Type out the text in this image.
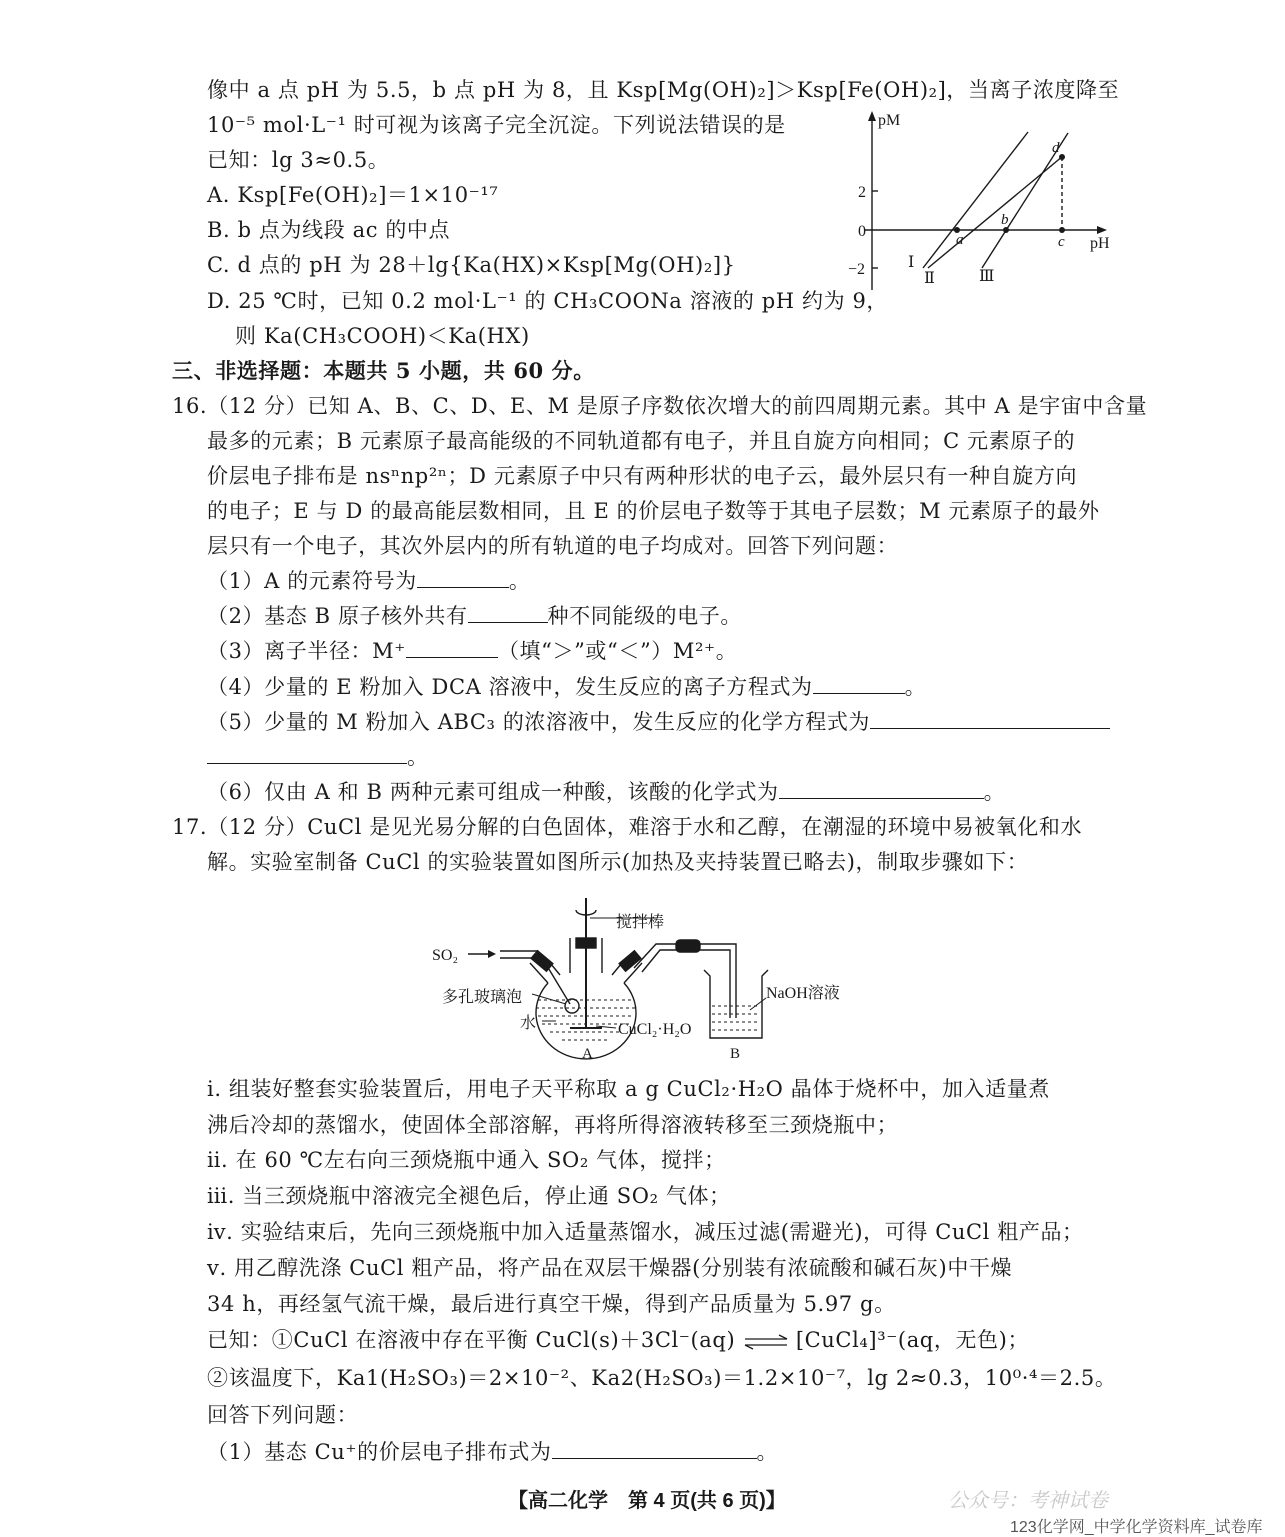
像中 a 点 pH 为 5.5，b 点 pH 为 8，且 Ksp[Mg(OH)₂]＞Ksp[Fe(OH)₂]，当离子浓度降至
10⁻⁵ mol·L⁻¹ 时可视为该离子完全沉淀。下列说法错误的是
已知：lg 3≈0.5。
A. Ksp[Fe(OH)₂]＝1×10⁻¹⁷
B. b 点为线段 ac 的中点
C. d 点的 pH 为 28＋lg{Ka(HX)×Ksp[Mg(OH)₂]}
D. 25 ℃时，已知 0.2 mol·L⁻¹ 的 CH₃COONa 溶液的 pH 约为 9，
则 Ka(CH₃COOH)＜Ka(HX)
pM
pH
2
0
−2
a
b
c
d
Ⅰ
Ⅱ	Ⅲ
三、非选择题：本题共 5 小题，共 60 分。
16.（12 分）已知 A、B、C、D、E、M 是原子序数依次增大的前四周期元素。其中 A 是宇宙中含量
最多的元素；B 元素原子最高能级的不同轨道都有电子，并且自旋方向相同；C 元素原子的
价层电子排布是 nsⁿnp²ⁿ；D 元素原子中只有两种形状的电子云，最外层只有一种自旋方向
的电子；E 与 D 的最高能层数相同，且 E 的价层电子数等于其电子层数；M 元素原子的最外
层只有一个电子，其次外层内的所有轨道的电子均成对。回答下列问题：
（1）A 的元素符号为	。
（2）基态 B 原子核外共有	种不同能级的电子。
（3）离子半径：M⁺	（填“＞”或“＜”）M²⁺。
（4）少量的 E 粉加入 DCA 溶液中，发生反应的离子方程式为	。
（5）少量的 M 粉加入 ABC₃ 的浓溶液中，发生反应的化学方程式为
。
（6）仅由 A 和 B 两种元素可组成一种酸，该酸的化学式为	。
17.（12 分）CuCl 是见光易分解的白色固体，难溶于水和乙醇，在潮湿的环境中易被氧化和水
解。实验室制备 CuCl 的实验装置如图所示(加热及夹持装置已略去)，制取步骤如下：
SO₂
搅拌棒
多孔玻璃泡
水	CuCl₂·H₂O
NaOH溶液
A	B
ⅰ. 组装好整套实验装置后，用电子天平称取 a g CuCl₂·H₂O 晶体于烧杯中，加入适量煮
沸后冷却的蒸馏水，使固体全部溶解，再将所得溶液转移至三颈烧瓶中；
ⅱ. 在 60 ℃左右向三颈烧瓶中通入 SO₂ 气体，搅拌；
ⅲ. 当三颈烧瓶中溶液完全褪色后，停止通 SO₂ 气体；
ⅳ. 实验结束后，先向三颈烧瓶中加入适量蒸馏水，减压过滤(需避光)，可得 CuCl 粗产品；
ⅴ. 用乙醇洗涤 CuCl 粗产品，将产品在双层干燥器(分别装有浓硫酸和碱石灰)中干燥
34 h，再经氢气流干燥，最后进行真空干燥，得到产品质量为 5.97 g。
已知：①CuCl 在溶液中存在平衡 CuCl(s)＋3Cl⁻(aq) ⇌ [CuCl₄]³⁻(aq，无色)；
②该温度下，Ka1(H₂SO₃)＝2×10⁻²、Ka2(H₂SO₃)＝1.2×10⁻⁷，lg 2≈0.3，10⁰·⁴＝2.5。
回答下列问题：
（1）基态 Cu⁺的价层电子排布式为	。
【高二化学　第 4 页(共 6 页)】	公众号：考神试卷
123化学网_中学化学资料库_试卷库
